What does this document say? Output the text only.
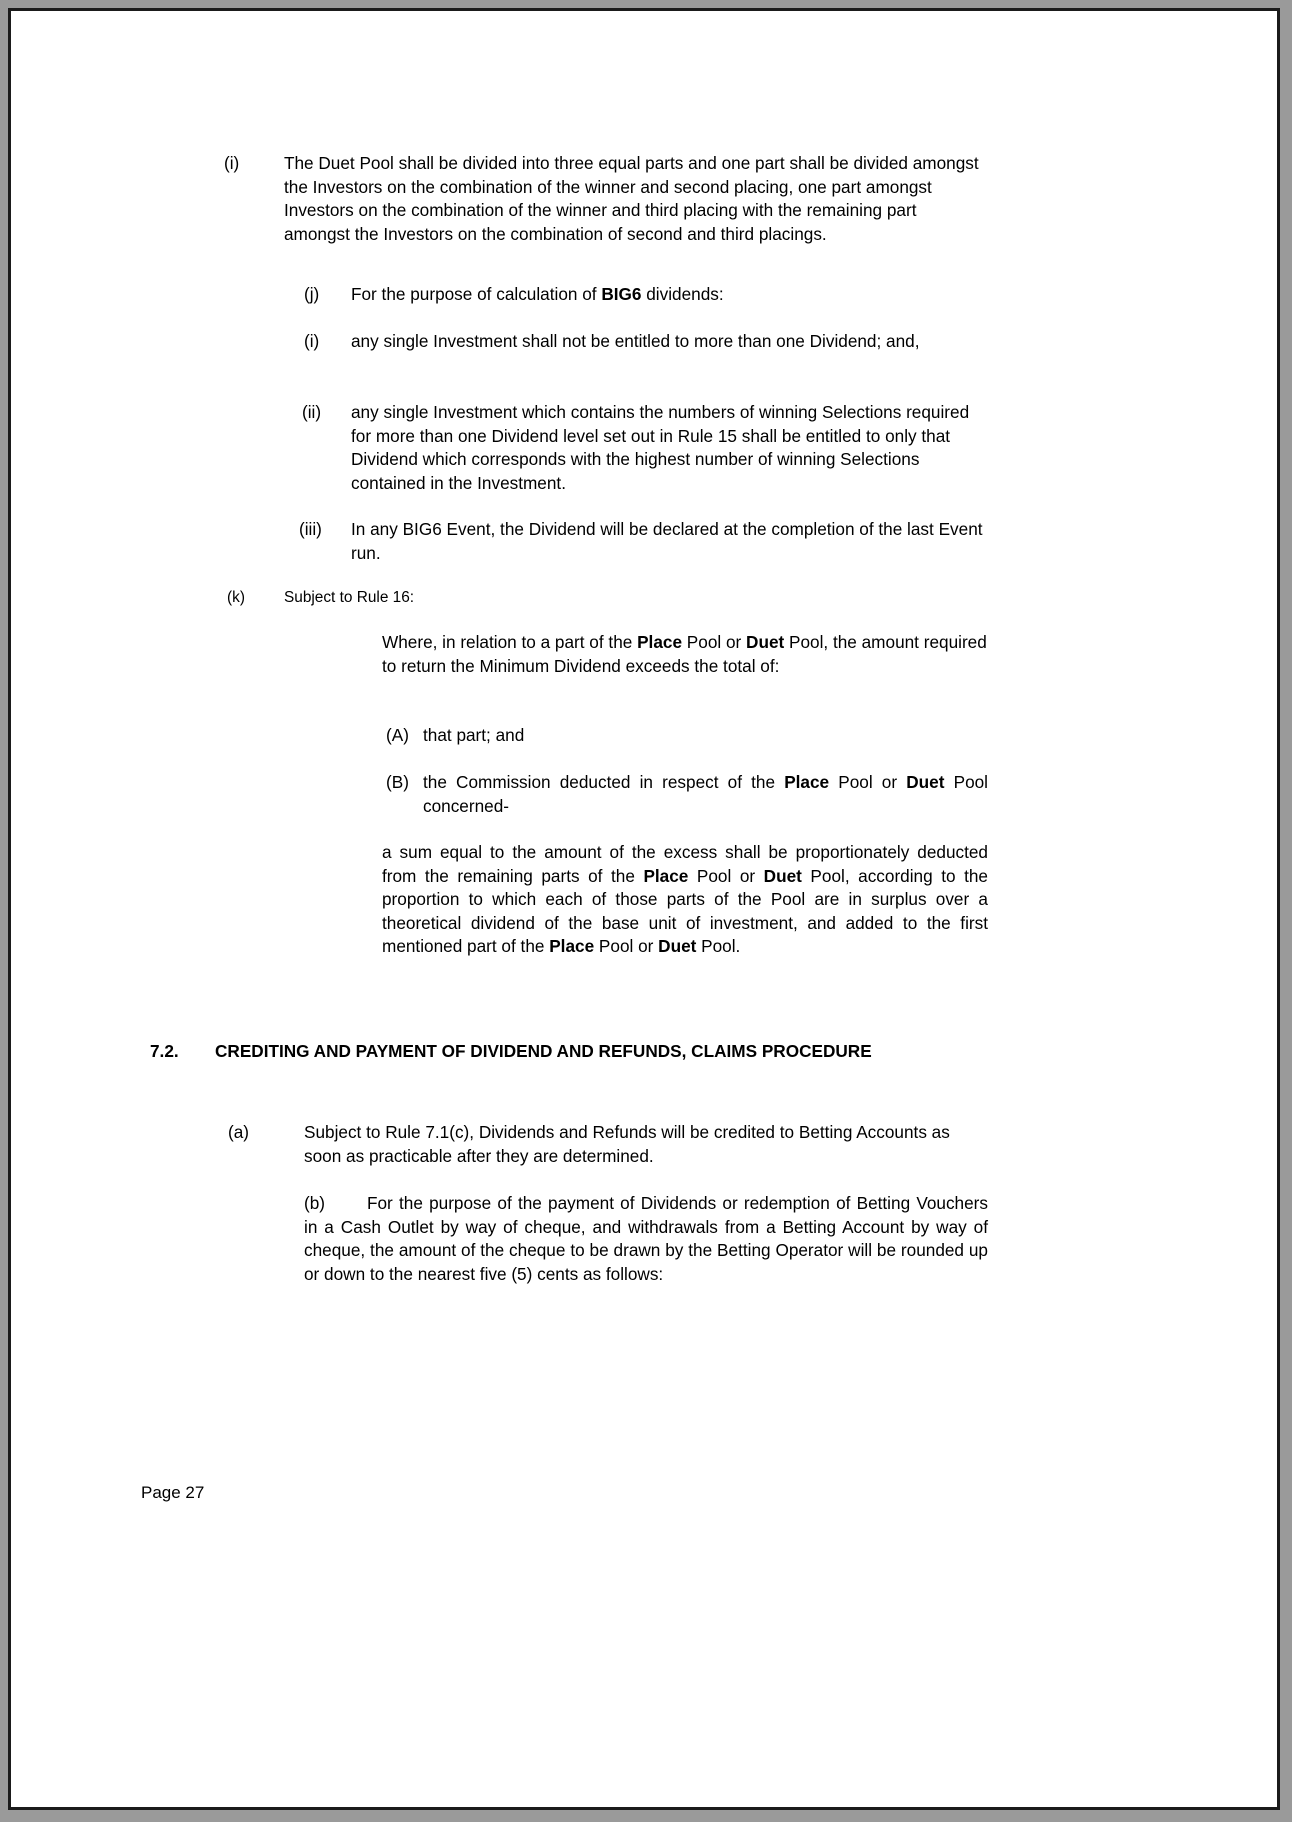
(i)	The Duet Pool shall be divided into three equal parts and one part shall be divided amongst the Investors on the combination of the winner and second placing, one part amongst Investors on the combination of the winner and third placing with the remaining part amongst the Investors on the combination of second and third placings.
(j) For the purpose of calculation of BIG6 dividends:
(i) any single Investment shall not be entitled to more than one Dividend; and,
(ii) any single Investment which contains the numbers of winning Selections required for more than one Dividend level set out in Rule 15 shall be entitled to only that Dividend which corresponds with the highest number of winning Selections contained in the Investment.
(iii) In any BIG6 Event, the Dividend will be declared at the completion of the last Event run.
(k)	Subject to Rule 16:
Where, in relation to a part of the Place Pool or Duet Pool, the amount required to return the Minimum Dividend exceeds the total of:
(A) that part; and
(B) the Commission deducted in respect of the Place Pool or Duet Pool concerned-
a sum equal to the amount of the excess shall be proportionately deducted from the remaining parts of the Place Pool or Duet Pool, according to the proportion to which each of those parts of the Pool are in surplus over a theoretical dividend of the base unit of investment, and added to the first mentioned part of the Place Pool or Duet Pool.
7.2. CREDITING AND PAYMENT OF DIVIDEND AND REFUNDS, CLAIMS PROCEDURE
(a)	Subject to Rule 7.1(c), Dividends and Refunds will be credited to Betting Accounts as soon as practicable after they are determined.
(b)	For the purpose of the payment of Dividends or redemption of Betting Vouchers in a Cash Outlet by way of cheque, and withdrawals from a Betting Account by way of cheque, the amount of the cheque to be drawn by the Betting Operator will be rounded up or down to the nearest five (5) cents as follows:
Page 27
